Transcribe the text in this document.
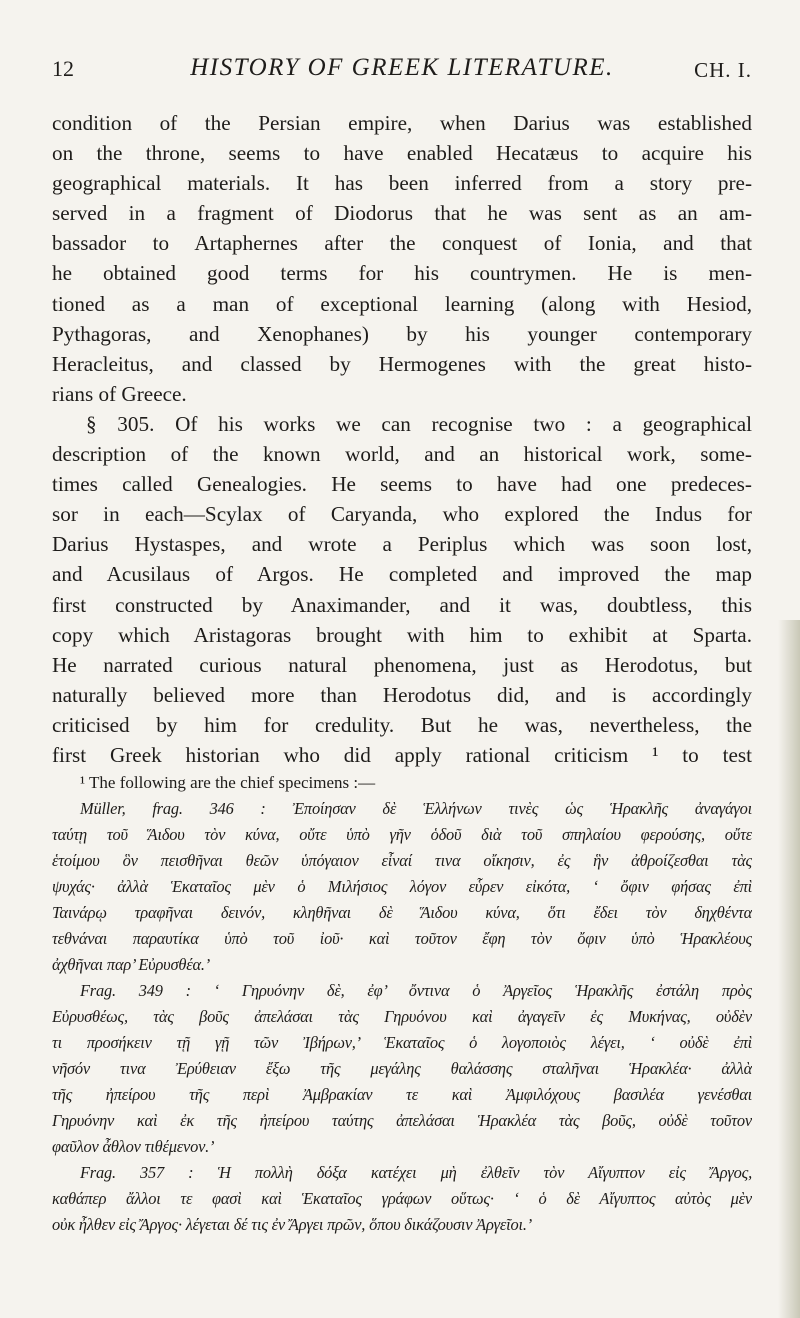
12	HISTORY OF GREEK LITERATURE.	CH. I.
condition of the Persian empire, when Darius was established
on the throne, seems to have enabled Hecatæus to acquire his
geographical materials. It has been inferred from a story pre-
served in a fragment of Diodorus that he was sent as an am-
bassador to Artaphernes after the conquest of Ionia, and that
he obtained good terms for his countrymen. He is men-
tioned as a man of exceptional learning (along with Hesiod,
Pythagoras, and Xenophanes) by his younger contemporary
Heracleitus, and classed by Hermogenes with the great histo-
rians of Greece.
§ 305. Of his works we can recognise two : a geographical
description of the known world, and an historical work, some-
times called Genealogies. He seems to have had one predeces-
sor in each—Scylax of Caryanda, who explored the Indus for
Darius Hystaspes, and wrote a Periplus which was soon lost,
and Acusilaus of Argos. He completed and improved the map
first constructed by Anaximander, and it was, doubtless, this
copy which Aristagoras brought with him to exhibit at Sparta.
He narrated curious natural phenomena, just as Herodotus, but
naturally believed more than Herodotus did, and is accordingly
criticised by him for credulity. But he was, nevertheless, the
first Greek historian who did apply rational criticism ¹ to test
¹ The following are the chief specimens :—
Müller, frag. 346 : Ἐποίησαν δὲ Ἑλλήνων τινὲς ὡς Ἡρακλῆς ἀναγάγοι
ταύτῃ τοῦ Ἅιδου τὸν κύνα, οὔτε ὑπὸ γῆν ὁδοῦ διὰ τοῦ σπηλαίου φερούσης, οὔτε
ἑτοίμου ὃν πεισθῆναι θεῶν ὑπόγαιον εἶναί τινα οἴκησιν, ἐς ἣν ἀθροίζεσθαι τὰς
ψυχάς· ἀλλὰ Ἑκαταῖος μὲν ὁ Μιλήσιος λόγον εὗρεν εἰκότα, ‘ ὄφιν φήσας ἐπὶ
Ταινάρῳ τραφῆναι δεινόν, κληθῆναι δὲ Ἅιδου κύνα, ὅτι ἔδει τὸν δηχθέντα
τεθνάναι παραυτίκα ὑπὸ τοῦ ἰοῦ· καὶ τοῦτον ἔφη τὸν ὄφιν ὑπὸ Ἡρακλέους
ἀχθῆναι παρ’ Εὐρυσθέα.’
Frag. 349 : ‘ Γηρυόνην δὲ, ἐφ’ ὄντινα ὁ Ἀργεῖος Ἡρακλῆς ἐστάλη πρὸς
Εὐρυσθέως, τὰς βοῦς ἀπελάσαι τὰς Γηρυόνου καὶ ἀγαγεῖν ἐς Μυκήνας, οὐδὲν
τι προσήκειν τῇ γῇ τῶν Ἰβήρων,’ Ἑκαταῖος ὁ λογοποιὸς λέγει, ‘ οὐδὲ ἐπὶ
νῆσόν τινα Ἐρύθειαν ἔξω τῆς μεγάλης θαλάσσης σταλῆναι Ἡρακλέα· ἀλλὰ
τῆς ἠπείρου τῆς περὶ Ἀμβρακίαν τε καὶ Ἀμφιλόχους βασιλέα γενέσθαι
Γηρυόνην καὶ ἐκ τῆς ἠπείρου ταύτης ἀπελάσαι Ἡρακλέα τὰς βοῦς, οὐδὲ τοῦτον
φαῦλον ἆθλον τιθέμενον.’
Frag. 357 : Ἡ πολλὴ δόξα κατέχει μὴ ἐλθεῖν τὸν Αἴγυπτον εἰς Ἄργος,
καθάπερ ἄλλοι τε φασὶ καὶ Ἑκαταῖος γράφων οὕτως· ‘ ὁ δὲ Αἴγυπτος αὐτὸς μὲν
οὐκ ἦλθεν εἰς Ἄργος· λέγεται δέ τις ἐν Ἄργει πρῶν, ὅπου δικάζουσιν Ἀργεῖοι.’
